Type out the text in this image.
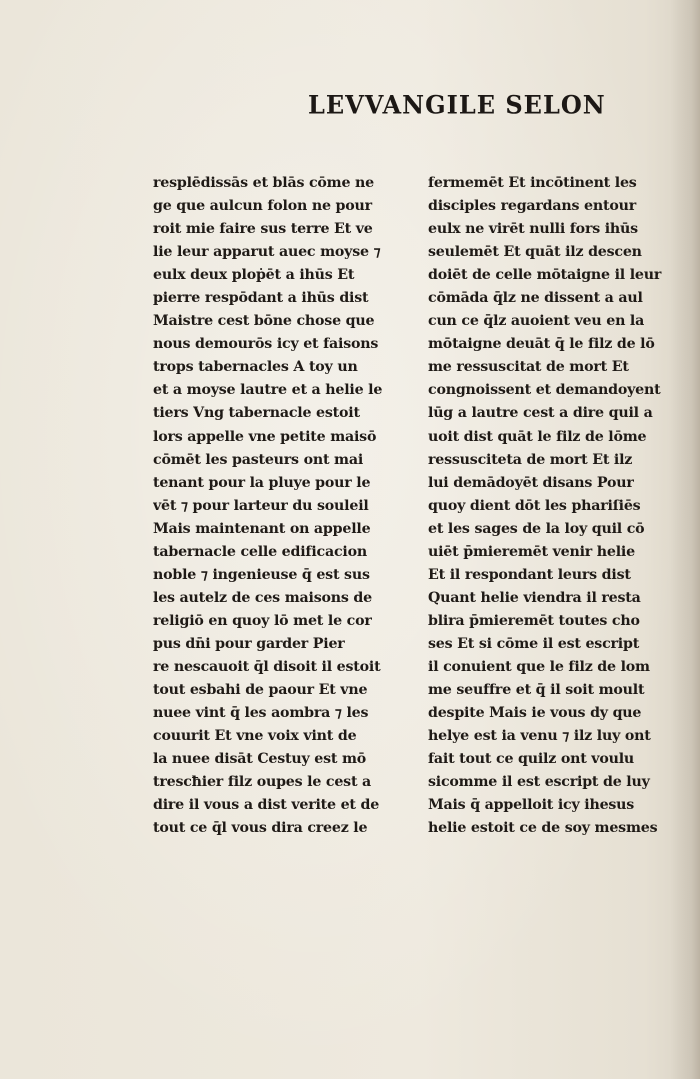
LEVVANGILE SELON
resplēdissās et blās cōme ne
ge que aulcun folon ne pour
roit mie faire sus terre Et ve
lie leur apparut auec moyse ⁊
eulx deux ploṗēt a ihūs Et
pierre respōdant a ihūs dist
Maistre cest bōne chose que
nous demourōs icy et faisons
trops tabernacles A toy un
et a moyse lautre et a helie le
tiers Vng tabernacle estoit
lors appelle vne petite maisō
cōmēt les pasteurs ont mai
tenant pour la pluye pour le
vēt ⁊ pour larteur du souleil
Mais maintenant on appelle
tabernacle celle edificacion
noble ⁊ ingenieuse q̄ est sus
les autelz de ces maisons de
religiō en quoy lō met le cor
pus dn̄i pour garder Pier
re nescauoit q̄l disoit il estoit
tout esbahi de paour Et vne
nuee vint q̄ les aombra ⁊ les
couurit Et vne voix vint de
la nuee disāt Cestuy est mō
trescħier filz oupes le cest a
dire il vous a dist verite et de
tout ce q̄l vous dira creez le
fermemēt Et incōtinent les
disciples regardans entour
eulx ne virēt nulli fors ihūs
seulemēt Et quāt ilz descen
doiēt de celle mōtaigne il leur
cōmāda q̄lz ne dissent a aul
cun ce q̄lz auoient veu en la
mōtaigne deuāt q̄ le filz de lō
me ressuscitat de mort Et
congnoissent et demandoyent
lūg a lautre cest a dire quil a
uoit dist quāt le filz de lōme
ressusciteta de mort Et ilz
lui demādoyēt disans Pour
quoy dient dōt les phariſiēs
et les sages de la loy quil cō
uiēt p̄mieremēt venir helie
Et il respondant leurs dist
Quant helie viendra il resta
blira p̄mieremēt toutes cho
ses Et si cōme il est escript
il conuient que le filz de lom
me seuffre et q̄ il soit moult
despite Mais ie vous dy que
helye est ia venu ⁊ ilz luy ont
fait tout ce quilz ont voulu
sicomme il est escript de luy
Mais q̄ appelloit icy ihesus
helie estoit ce de soy mesmes
